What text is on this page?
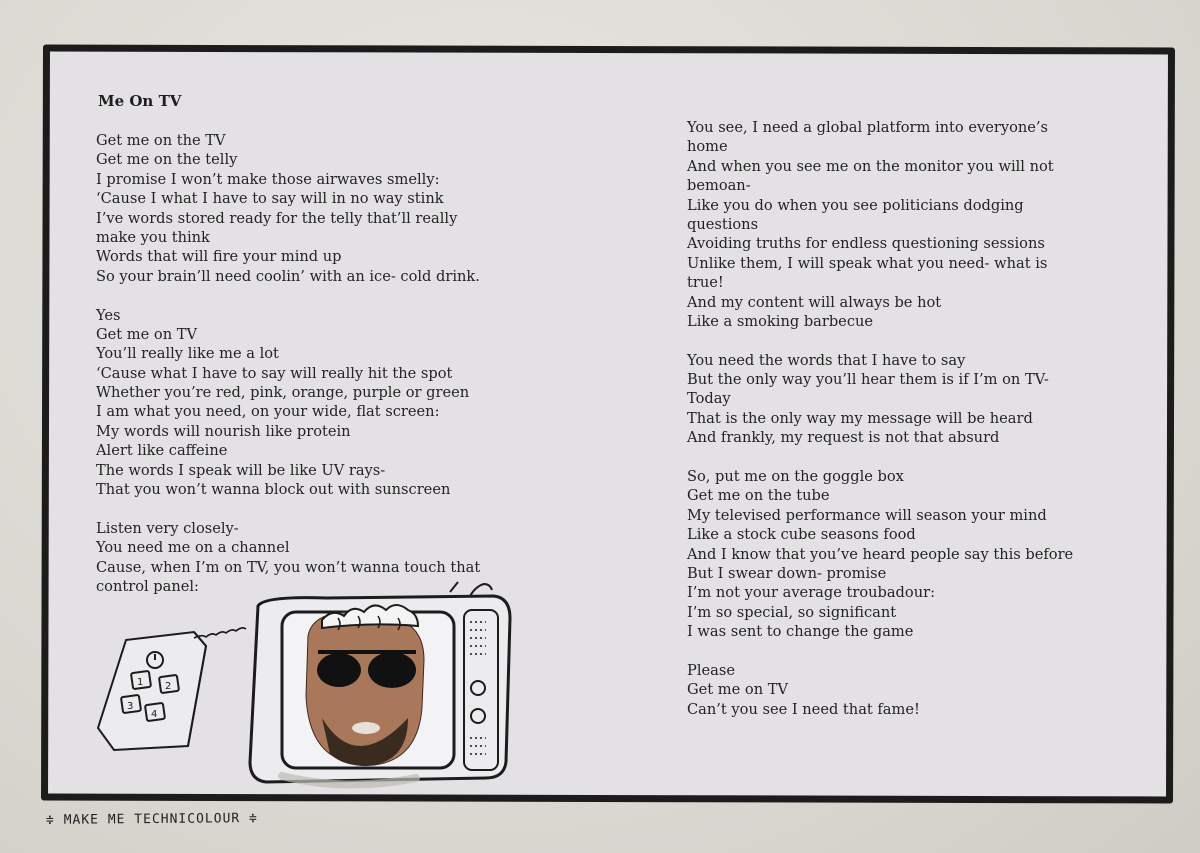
Me On TV
Get me on the TV
Get me on the telly
I promise I won’t make those airwaves smelly:
‘Cause I what I have to say will in no way stink
I’ve words stored ready for the telly that’ll really
make you think
Words that will fire your mind up
So your brain’ll need coolin’ with an ice- cold drink.
Yes
Get me on TV
You’ll really like me a lot
‘Cause what I have to say will really hit the spot
Whether you’re red, pink, orange, purple or green
I am what you need, on your wide, flat screen:
My words will nourish like protein
Alert like caffeine
The words I speak will be like UV rays-
That you won’t wanna block out with sunscreen
Listen very closely-
You need me on a channel
Cause, when I’m on TV, you won’t wanna touch that
control panel:
You see, I need a global platform into everyone’s
home
And when you see me on the monitor you will not
bemoan-
Like you do when you see politicians dodging
questions
Avoiding truths for endless questioning sessions
Unlike them, I will speak what you need- what is
true!
And my content will always be hot
Like a smoking barbecue
You need the words that I have to say
But the only way you’ll hear them is if I’m on TV-
Today
That is the only way my message will be heard
And frankly, my request is not that absurd
So, put me on the goggle box
Get me on the tube
My televised performance will season your mind
Like a stock cube seasons food
And I know that you’ve heard people say this before
But I swear down- promise
I’m not your average troubadour:
I’m so special, so significant
I was sent to change the game
Please
Get me on TV
Can’t you see I need that fame!
1 2
3
4
≑ MAKE ME TECHNICOLOUR ≑
